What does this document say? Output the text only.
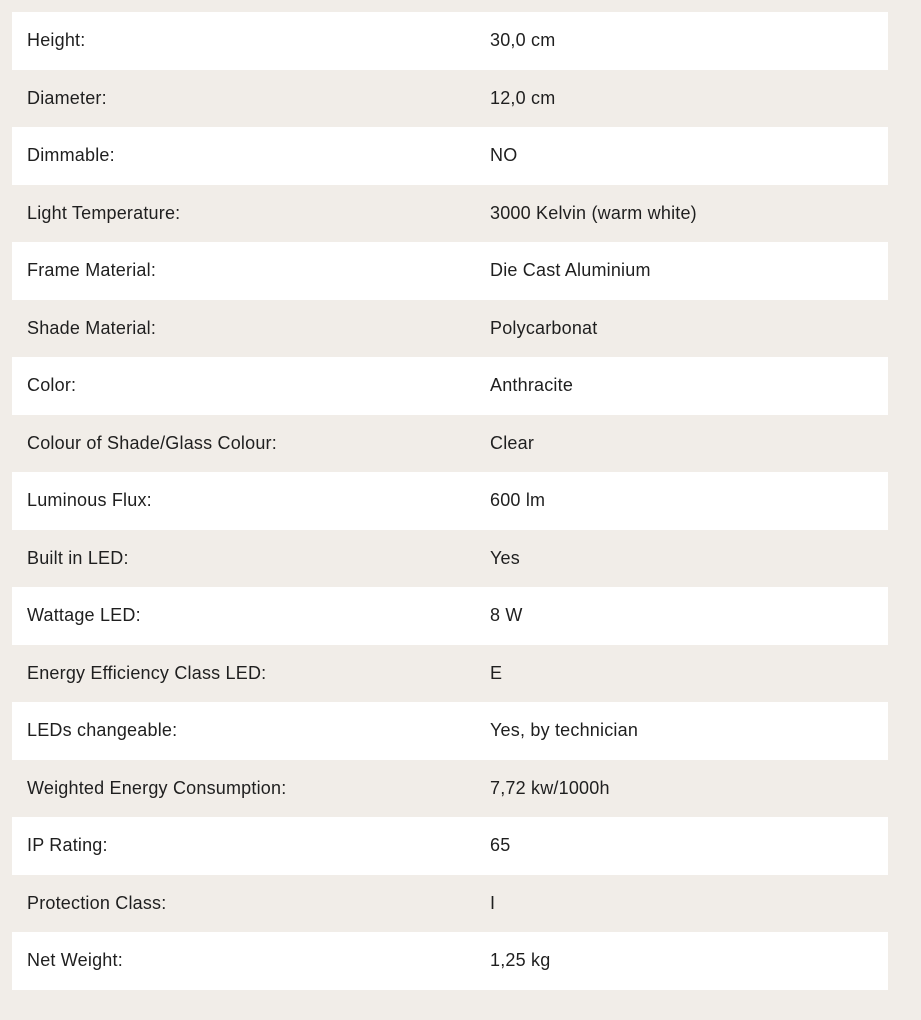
Height:	30,0 cm
Diameter:	12,0 cm
Dimmable:	NO
Light Temperature:	3000 Kelvin (warm white)
Frame Material:	Die Cast Aluminium
Shade Material:	Polycarbonat
Color:	Anthracite
Colour of Shade/Glass Colour:	Clear
Luminous Flux:	600 lm
Built in LED:	Yes
Wattage LED:	8 W
Energy Efficiency Class LED:	E
LEDs changeable:	Yes, by technician
Weighted Energy Consumption:	7,72 kw/1000h
IP Rating:	65
Protection Class:	I
Net Weight:	1,25 kg
